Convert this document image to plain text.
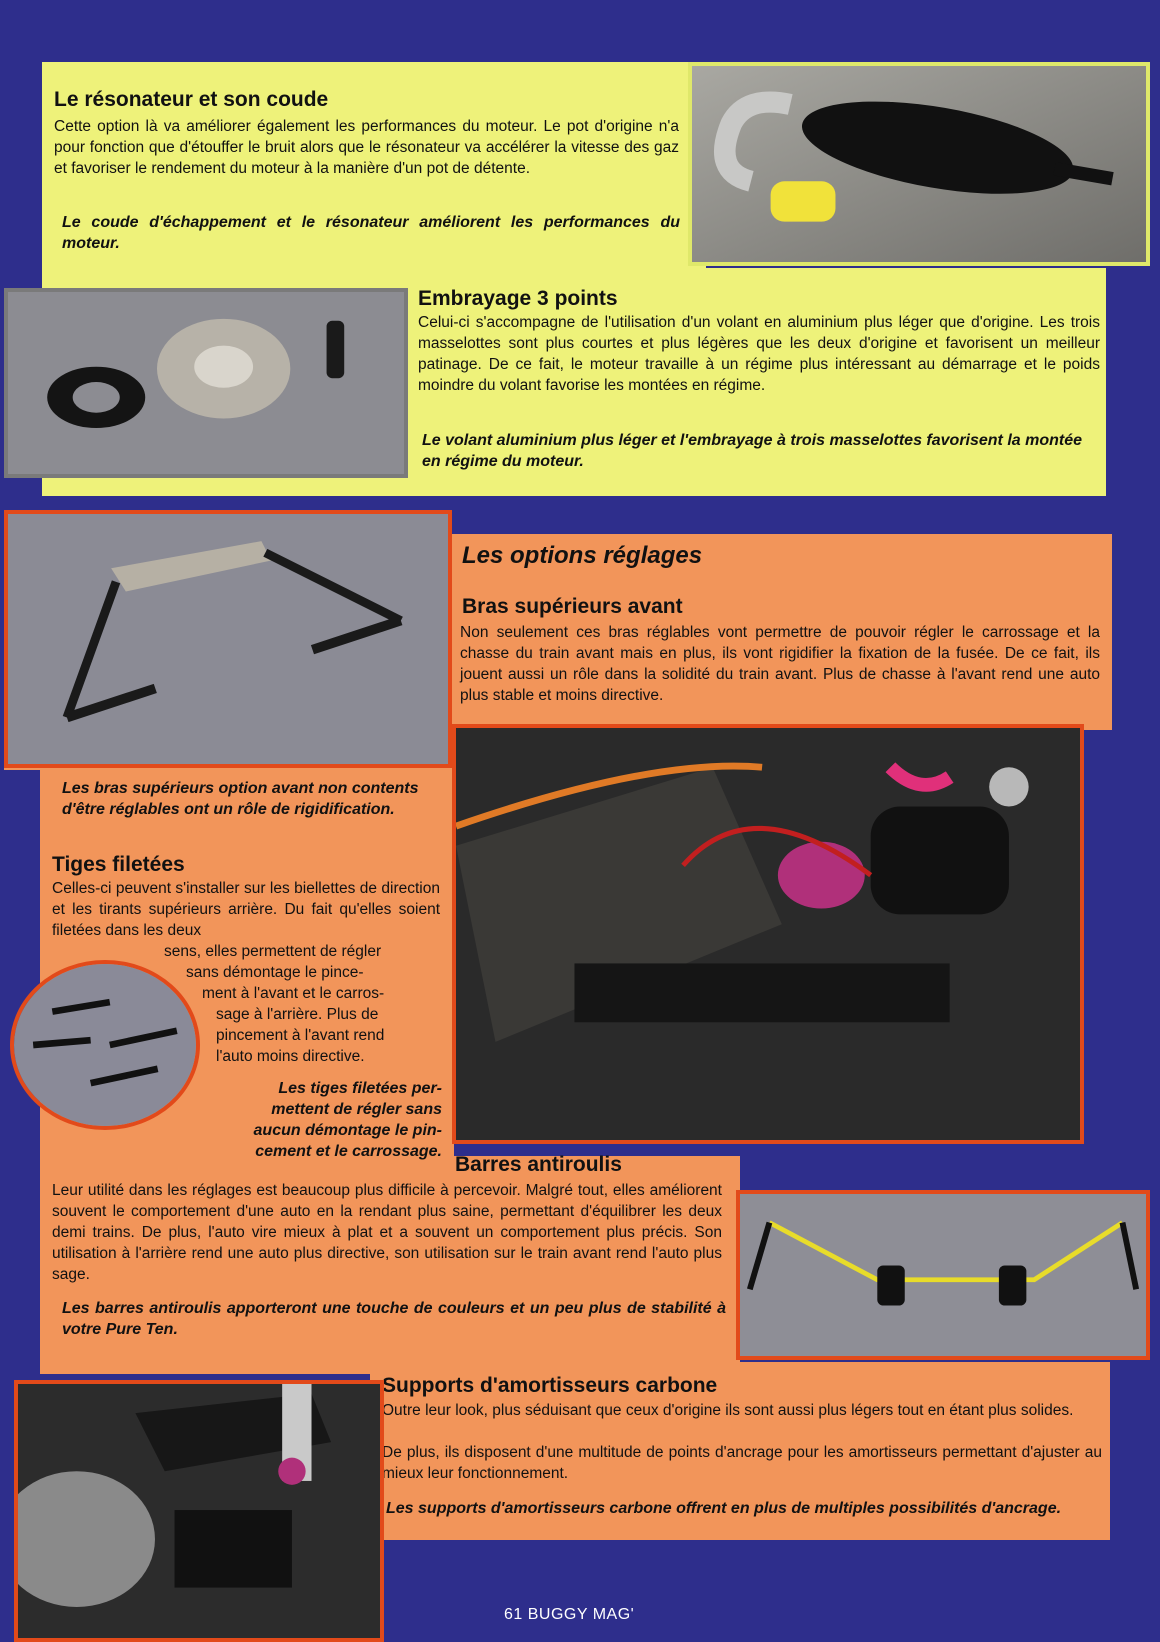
Le résonateur et son coude

Cette option là va améliorer également les performances du moteur. Le pot d'origine n'a pour fonction que d'étouffer le bruit alors que le résonateur va accélérer la vitesse des gaz et favoriser le rendement du moteur à la manière d'un pot de détente.

Le coude d'échappement et le résonateur améliorent les performances du moteur.

Embrayage 3 points

Celui-ci s'accompagne de l'utilisation d'un volant en aluminium plus léger que d'origine. Les trois masselottes sont plus courtes et plus légères que les deux d'origine et favorisent un meilleur patinage. De ce fait, le moteur travaille à un régime plus intéressant au démarrage et le poids moindre du volant favorise les montées en régime.

Le volant aluminium plus léger et l'embrayage à trois masselottes favorisent la montée en régime du moteur.

Les options réglages
Bras supérieurs avant

Non seulement ces bras réglables vont permettre de pouvoir régler le carrossage et la chasse du train avant mais en plus, ils vont rigidifier la fixation de la fusée. De ce fait, ils jouent aussi un rôle dans la solidité du train avant. Plus de chasse à l'avant rend une auto plus stable et moins directive.

Les bras supérieurs option avant non contents d'être réglables ont un rôle de rigidification.

Tiges filetées

Celles-ci peuvent s'installer sur les biellettes de direction et les tirants supérieurs arrière. Du fait qu'elles soient filetées dans les deux

sens, elles permettent de régler
sans démontage le pince-
ment à l'avant et le carros-
sage à l'arrière. Plus de
pincement à l'avant rend
l'auto moins directive.
Les tiges filetées per-
mettent de régler sans
aucun démontage le pin-
cement et le carrossage.
Barres antiroulis

Leur utilité dans les réglages est beaucoup plus difficile à percevoir. Malgré tout, elles améliorent souvent le comportement d'une auto en la rendant plus saine, permettant d'équilibrer les deux demi trains. De plus, l'auto vire mieux à plat et a souvent un comportement plus précis. Son utilisation à l'arrière rend une auto plus directive, son utilisation sur le train avant rend l'auto plus sage.

Les barres antiroulis apporteront une touche de couleurs et un peu plus de stabilité à votre Pure Ten.

Supports d'amortisseurs carbone

Outre leur look, plus séduisant que ceux d'origine ils sont aussi plus légers tout en étant plus solides.

De plus, ils disposent d'une multitude de points d'ancrage pour les amortisseurs permettant d'ajuster au mieux leur fonctionnement.

Les supports d'amortisseurs carbone offrent en plus de multiples possibilités d'ancrage.

61 BUGGY MAG'
